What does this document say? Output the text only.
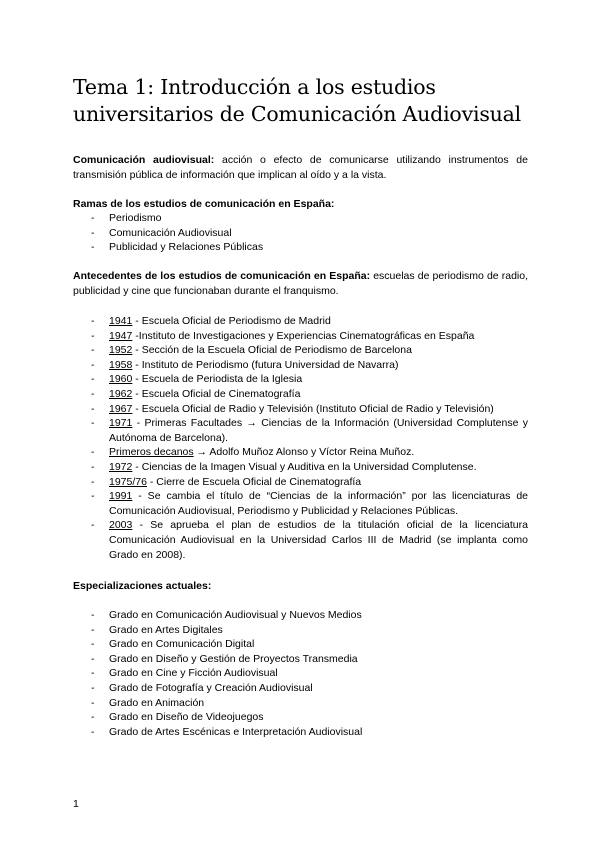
Tema 1: Introducción a los estudios universitarios de Comunicación Audiovisual

Comunicación audiovisual: acción o efecto de comunicarse utilizando instrumentos de transmisión pública de información que implican al oído y a la vista.

Ramas de los estudios de comunicación en España:

- Periodismo
- Comunicación Audiovisual
- Publicidad y Relaciones Públicas

Antecedentes de los estudios de comunicación en España: escuelas de periodismo de radio, publicidad y cine que funcionaban durante el franquismo.

- 1941 - Escuela Oficial de Periodismo de Madrid
- 1947 -Instituto de Investigaciones y Experiencias Cinematográficas en España
- 1952 - Sección de la Escuela Oficial de Periodismo de Barcelona
- 1958 - Instituto de Periodismo (futura Universidad de Navarra)
- 1960 - Escuela de Periodista de la Iglesia
- 1962 - Escuela Oficial de Cinematografía
- 1967 - Escuela Oficial de Radio y Televisión (Instituto Oficial de Radio y Televisión)
- 1971 - Primeras Facultades → Ciencias de la Información (Universidad Complutense y Autónoma de Barcelona).
- Primeros decanos → Adolfo Muñoz Alonso y Víctor Reina Muñoz.
- 1972 - Ciencias de la Imagen Visual y Auditiva en la Universidad Complutense.
- 1975/76 - Cierre de Escuela Oficial de Cinematografía
- 1991 - Se cambia el título de “Ciencias de la información” por las licenciaturas de Comunicación Audiovisual, Periodismo y Publicidad y Relaciones Públicas.
- 2003 - Se aprueba el plan de estudios de la titulación oficial de la licenciatura Comunicación Audiovisual en la Universidad Carlos III de Madrid (se implanta como Grado en 2008).

Especializaciones actuales:

- Grado en Comunicación Audiovisual y Nuevos Medios
- Grado en Artes Digitales
- Grado en Comunicación Digital
- Grado en Diseño y Gestión de Proyectos Transmedia
- Grado en Cine y Ficción Audiovisual
- Grado de Fotografía y Creación Audiovisual
- Grado en Animación
- Grado en Diseño de Videojuegos
- Grado de Artes Escénicas e Interpretación Audiovisual
1
